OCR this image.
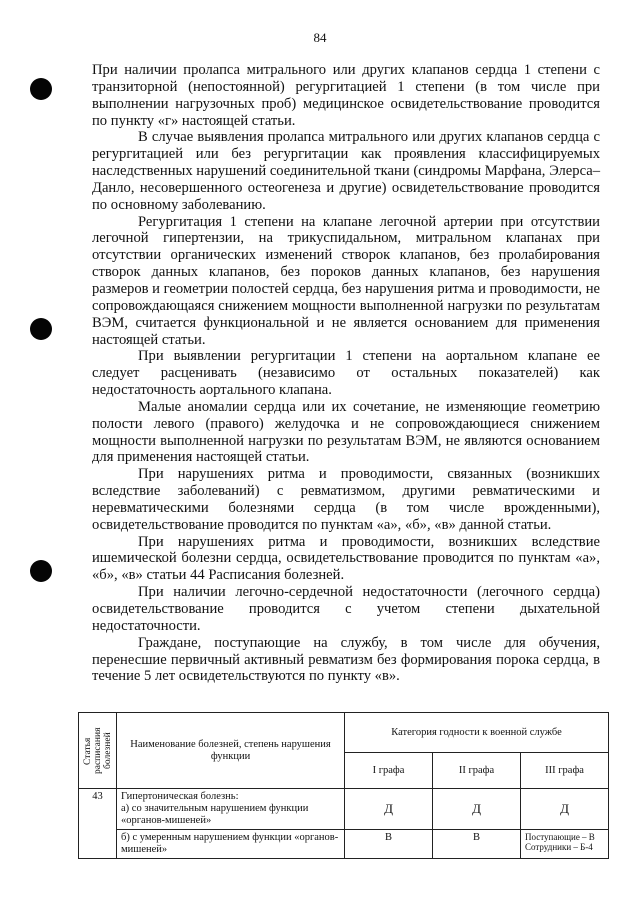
84

При наличии пролапса митрального или других клапанов сердца 1 степени с транзиторной (непостоянной) регургитацией 1 степени (в том числе при выполнении нагрузочных проб) медицинское освидетельствование проводится по пункту «г» настоящей статьи.

В случае выявления пролапса митрального или других клапанов сердца с регургитацией или без регургитации как проявления классифицируемых наследственных нарушений соединительной ткани (синдромы Марфана, Элерса–Данло, несовершенного остеогенеза и другие) освидетельствование проводится по основному заболеванию.

Регургитация 1 степени на клапане легочной артерии при отсутствии легочной гипертензии, на трикуспидальном, митральном клапанах при отсутствии органических изменений створок клапанов, без пролабирования створок данных клапанов, без пороков данных клапанов, без нарушения размеров и геометрии полостей сердца, без нарушения ритма и проводимости, не сопровождающаяся снижением мощности выполненной нагрузки по результатам ВЭМ, считается функциональной и не является основанием для применения настоящей статьи.

При выявлении регургитации 1 степени на аортальном клапане ее следует расценивать (независимо от остальных показателей) как недостаточность аортального клапана.

Малые аномалии сердца или их сочетание, не изменяющие геометрию полости левого (правого) желудочка и не сопровождающиеся снижением мощности выполненной нагрузки по результатам ВЭМ, не являются основанием для применения настоящей статьи.

При нарушениях ритма и проводимости, связанных (возникших вследствие заболеваний) с ревматизмом, другими ревматическими и неревматическими болезнями сердца (в том числе врожденными), освидетельствование проводится по пунктам «а», «б», «в» данной статьи.

При нарушениях ритма и проводимости, возникших вследствие ишемической болезни сердца, освидетельствование проводится по пунктам «а», «б», «в» статьи 44 Расписания болезней.

При наличии легочно-сердечной недостаточности (легочного сердца) освидетельствование проводится с учетом степени дыхательной недостаточности.

Граждане, поступающие на службу, в том числе для обучения, перенесшие первичный активный ревматизм без формирования порока сердца, в течение 5 лет освидетельствуются по пункту «в».

Статья расписания болезней	Наименование болезней, степень нарушения функции	Категория годности к военной службе		
		I графа	II графа	III графа
43	Гипертоническая болезнь:
а) со значительным нарушением функции «органов-мишеней»	Д	Д	Д
	б) с умеренным нарушением функции «органов-мишеней»	В	В	Поступающие – В
Сотрудники – Б-4
